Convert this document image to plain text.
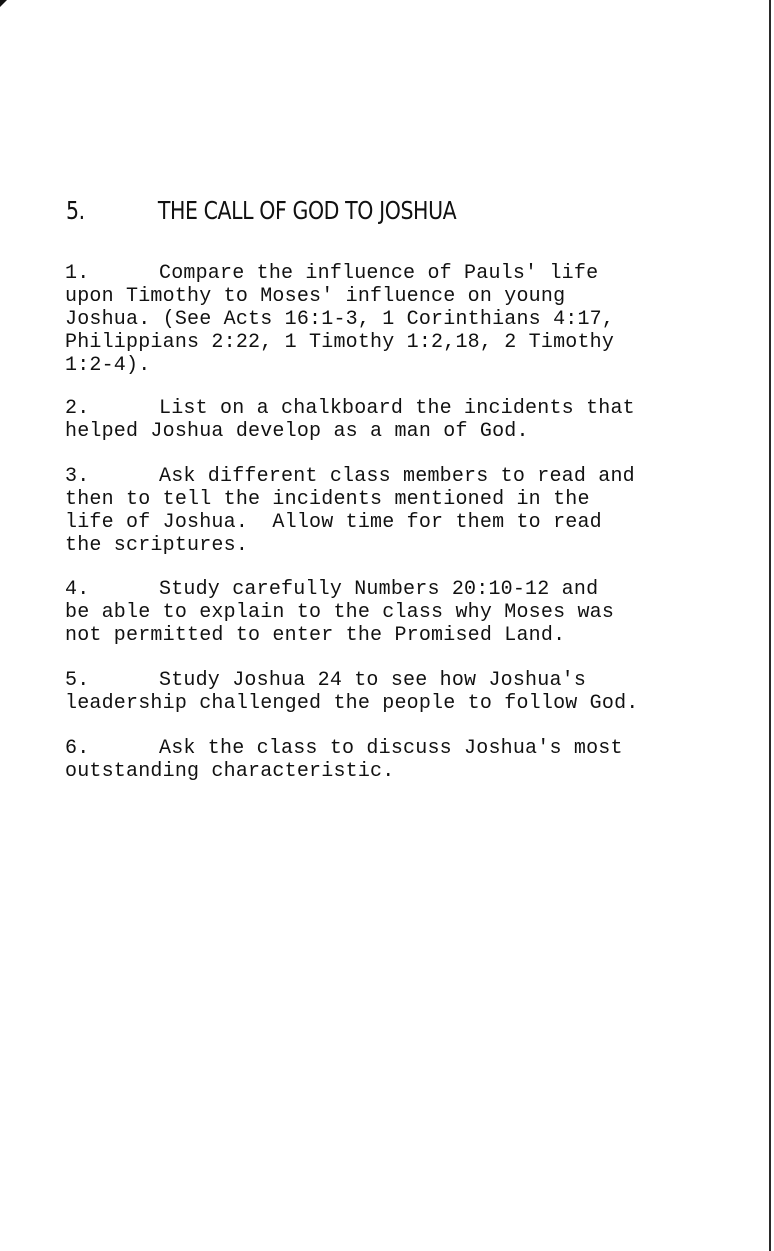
5.	THE CALL OF GOD TO JOSHUA
1.	Compare the influence of Pauls' life
upon Timothy to Moses' influence on young
Joshua. (See Acts 16:1-3, 1 Corinthians 4:17,
Philippians 2:22, 1 Timothy 1:2,18, 2 Timothy
1:2-4).
2.	List on a chalkboard the incidents that
helped Joshua develop as a man of God.
3.	Ask different class members to read and
then to tell the incidents mentioned in the
life of Joshua.  Allow time for them to read
the scriptures.
4.	Study carefully Numbers 20:10-12 and
be able to explain to the class why Moses was
not permitted to enter the Promised Land.
5.	Study Joshua 24 to see how Joshua's
leadership challenged the people to follow God.
6.	Ask the class to discuss Joshua's most
outstanding characteristic.
